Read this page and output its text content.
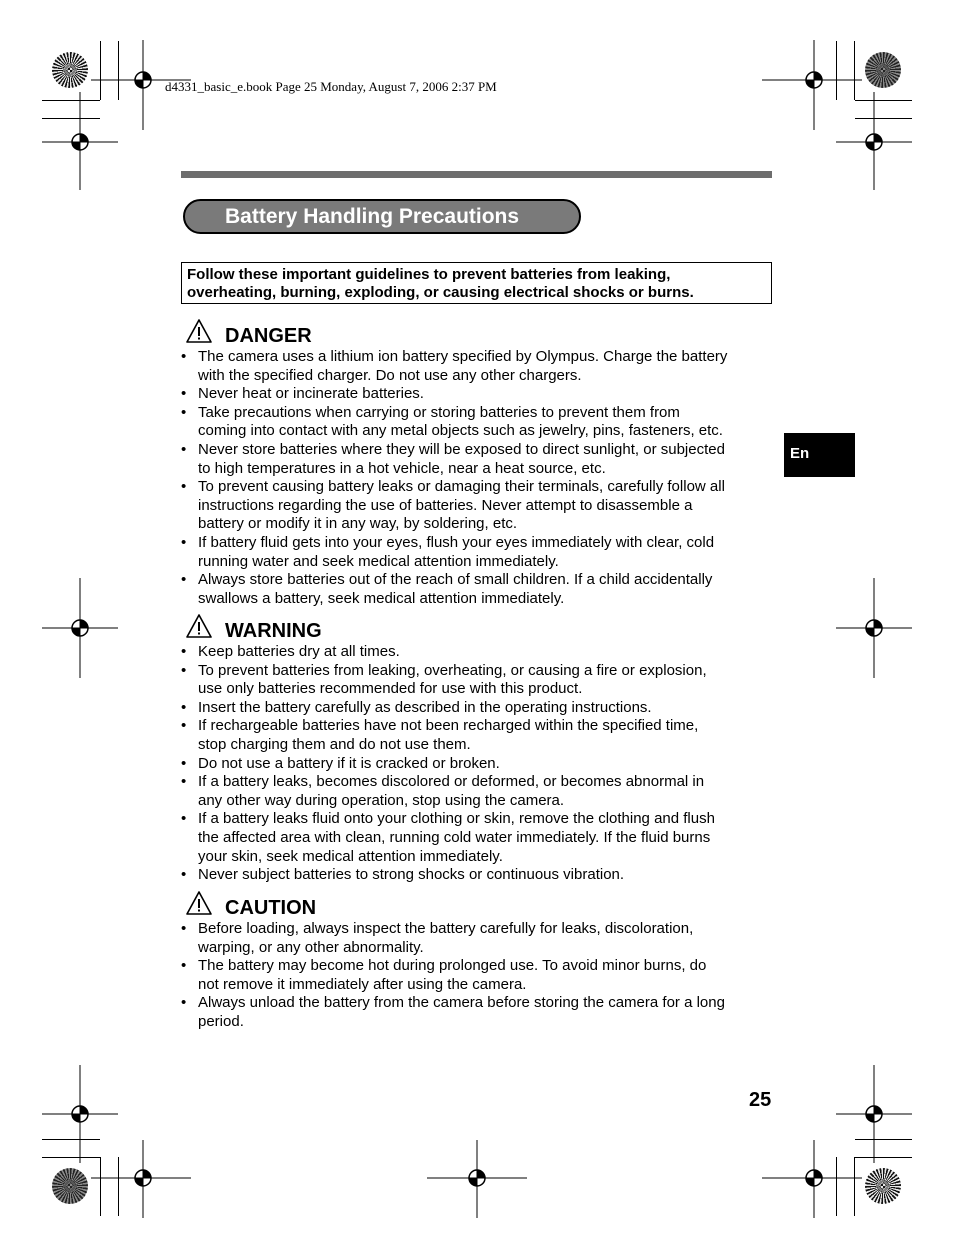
d4331_basic_e.book Page 25 Monday, August 7, 2006 2:37 PM
Battery Handling Precautions
Follow these important guidelines to prevent batteries from leaking,
overheating, burning, exploding, or causing electrical shocks or burns.
DANGER
• The camera uses a lithium ion battery specified by Olympus. Charge the battery
with the specified charger. Do not use any other chargers.
• Never heat or incinerate batteries.
• Take precautions when carrying or storing batteries to prevent them from
coming into contact with any metal objects such as jewelry, pins, fasteners, etc.
• Never store batteries where they will be exposed to direct sunlight, or subjected
to high temperatures in a hot vehicle, near a heat source, etc.
• To prevent causing battery leaks or damaging their terminals, carefully follow all
instructions regarding the use of batteries. Never attempt to disassemble a
battery or modify it in any way, by soldering, etc.
• If battery fluid gets into your eyes, flush your eyes immediately with clear, cold
running water and seek medical attention immediately.
• Always store batteries out of the reach of small children. If a child accidentally
swallows a battery, seek medical attention immediately.
WARNING
• Keep batteries dry at all times.
• To prevent batteries from leaking, overheating, or causing a fire or explosion,
use only batteries recommended for use with this product.
• Insert the battery carefully as described in the operating instructions.
• If rechargeable batteries have not been recharged within the specified time,
stop charging them and do not use them.
• Do not use a battery if it is cracked or broken.
• If a battery leaks, becomes discolored or deformed, or becomes abnormal in
any other way during operation, stop using the camera.
• If a battery leaks fluid onto your clothing or skin, remove the clothing and flush
the affected area with clean, running cold water immediately. If the fluid burns
your skin, seek medical attention immediately.
• Never subject batteries to strong shocks or continuous vibration.
CAUTION
• Before loading, always inspect the battery carefully for leaks, discoloration,
warping, or any other abnormality.
• The battery may become hot during prolonged use. To avoid minor burns, do
not remove it immediately after using the camera.
• Always unload the battery from the camera before storing the camera for a long
period.
En
25
